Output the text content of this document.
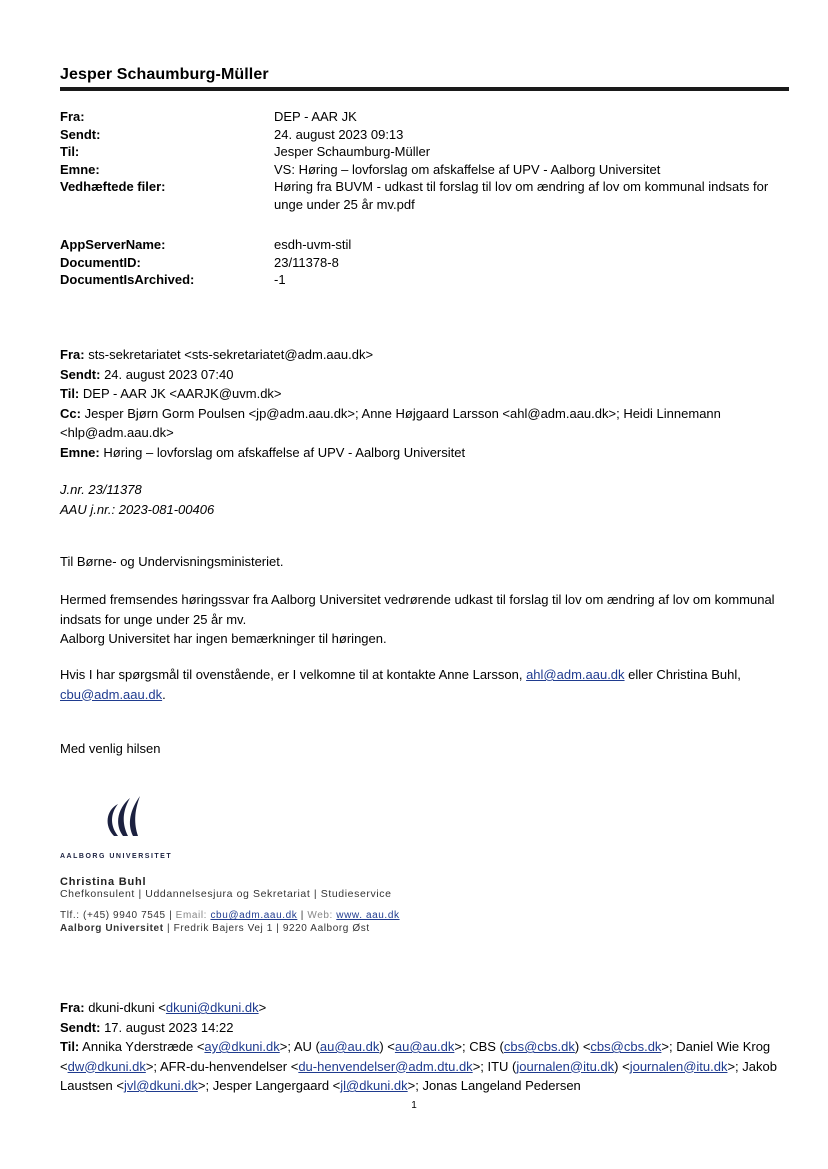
Jesper Schaumburg-Müller
Fra:	DEP - AAR JK
Sendt:	24. august 2023 09:13
Til:	Jesper Schaumburg-Müller
Emne:	VS: Høring – lovforslag om afskaffelse af UPV - Aalborg Universitet
Vedhæftede filer:	Høring fra BUVM - udkast til forslag til lov om ændring af lov om kommunal indsats for unge under 25 år mv.pdf
AppServerName:	esdh-uvm-stil
DocumentID:	23/11378-8
DocumentIsArchived:	-1
Fra: sts-sekretariatet <sts-sekretariatet@adm.aau.dk>
Sendt: 24. august 2023 07:40
Til: DEP - AAR JK <AARJK@uvm.dk>
Cc: Jesper Bjørn Gorm Poulsen <jp@adm.aau.dk>; Anne Højgaard Larsson <ahl@adm.aau.dk>; Heidi Linnemann <hlp@adm.aau.dk>
Emne: Høring – lovforslag om afskaffelse af UPV - Aalborg Universitet
J.nr. 23/11378
AAU j.nr.: 2023-081-00406
Til Børne- og Undervisningsministeriet.
Hermed fremsendes høringssvar fra Aalborg Universitet vedrørende udkast til forslag til lov om ændring af lov om kommunal indsats for unge under 25 år mv.
Aalborg Universitet har ingen bemærkninger til høringen.
Hvis I har spørgsmål til ovenstående, er I velkomne til at kontakte Anne Larsson, ahl@adm.aau.dk eller Christina Buhl, cbu@adm.aau.dk.
Med venlig hilsen
AALBORG UNIVERSITET
Christina Buhl
Chefkonsulent | Uddannelsesjura og Sekretariat | Studieservice
Tlf.: (+45) 9940 7545 | Email: cbu@adm.aau.dk | Web: www. aau.dk
Aalborg Universitet | Fredrik Bajers Vej 1 | 9220 Aalborg Øst
Fra: dkuni-dkuni <dkuni@dkuni.dk>
Sendt: 17. august 2023 14:22
Til: Annika Yderstræde <ay@dkuni.dk>; AU (au@au.dk) <au@au.dk>; CBS (cbs@cbs.dk) <cbs@cbs.dk>; Daniel Wie Krog <dw@dkuni.dk>; AFR-du-henvendelser <du-henvendelser@adm.dtu.dk>; ITU (journalen@itu.dk) <journalen@itu.dk>; Jakob Laustsen <jvl@dkuni.dk>; Jesper Langergaard <jl@dkuni.dk>; Jonas Langeland Pedersen
1
